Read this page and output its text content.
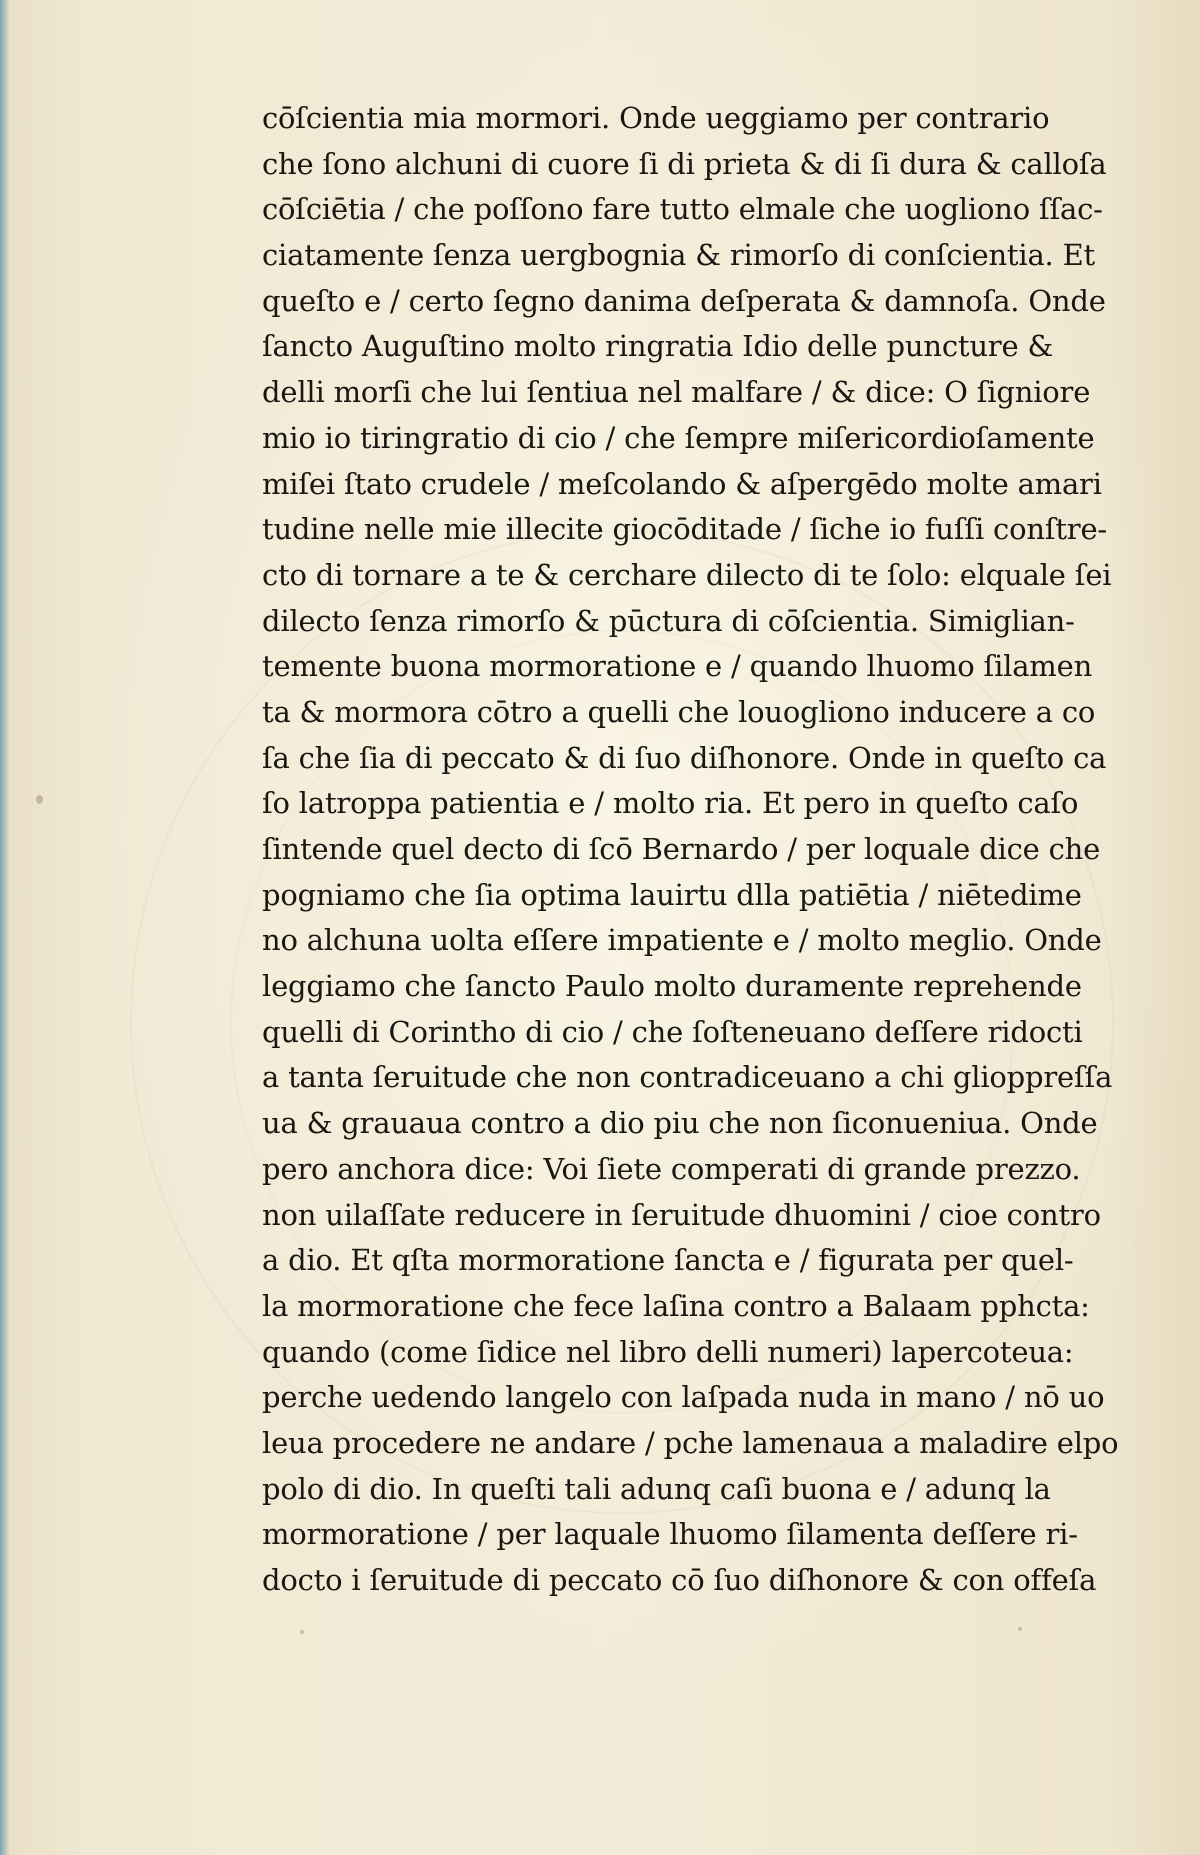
cōſcientia mia mormori. Onde ueggiamo per contrario
che ſono alchuni di cuore ſi di prieta & di ſi dura & calloſa
cōſciētia / che poſſono fare tutto elmale che uogliono ſſac-
ciatamente ſenza uergbognia & rimorſo di conſcientia. Et
queſto e / certo ſegno danima deſperata & damnoſa. Onde
ſancto Auguſtino molto ringratia Idio delle puncture &
delli morſi che lui ſentiua nel malfare / & dice: O ſigniore
mio io tiringratio di cio / che ſempre miſericordioſamente
miſei ſtato crudele / meſcolando & aſpergēdo molte amari
tudine nelle mie illecite giocōditade / ſiche io fuſſi conſtre-
cto di tornare a te & cerchare dilecto di te ſolo: elquale ſei
dilecto ſenza rimorſo & pūctura di cōſcientia. Simiglian-
temente buona mormoratione e / quando lhuomo ſilamen
ta & mormora cōtro a quelli che louogliono inducere a co
ſa che ſia di peccato & di ſuo diſhonore. Onde in queſto ca
ſo latroppa patientia e / molto ria. Et pero in queſto caſo
ſintende quel decto di ſcō Bernardo / per loquale dice che
pogniamo che ſia optima lauirtu dlla patiētia / niētedime
no alchuna uolta eſſere impatiente e / molto meglio. Onde
leggiamo che ſancto Paulo molto duramente reprehende
quelli di Corintho di cio / che ſoſteneuano deſſere ridocti
a tanta ſeruitude che non contradiceuano a chi glioppreſſa
ua & grauaua contro a dio piu che non ſiconueniua. Onde
pero anchora dice: Voi ſiete comperati di grande prezzo.
non uilaſſate reducere in ſeruitude dhuomini / cioe contro
a dio. Et qſta mormoratione ſancta e / figurata per quel-
la mormoratione che fece laſina contro a Balaam pphcta:
quando (come ſidice nel libro delli numeri) lapercoteua:
perche uedendo langelo con laſpada nuda in mano / nō uo
leua procedere ne andare / pche lamenaua a maladire elpo
polo di dio. In queſti tali adunq caſi buona e / adunq la
mormoratione / per laquale lhuomo ſilamenta deſſere ri-
docto i ſeruitude di peccato cō ſuo diſhonore & con offeſa
